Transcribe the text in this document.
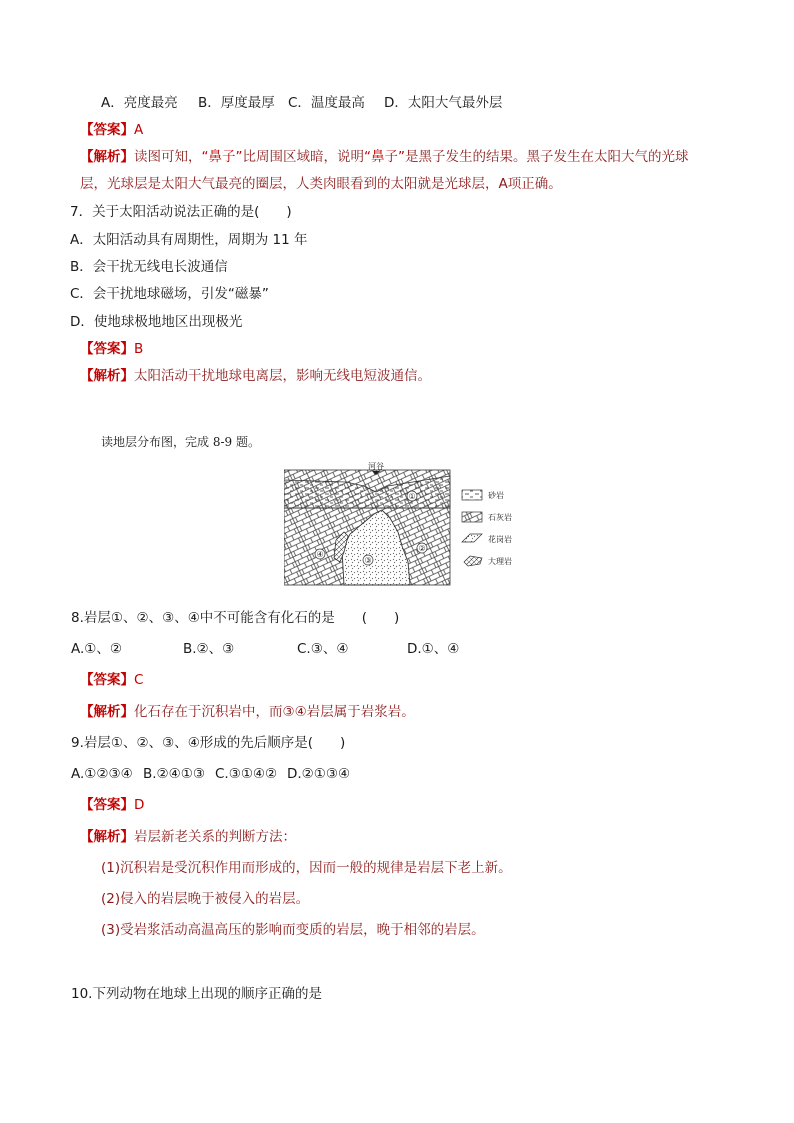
A．亮度最亮 B．厚度最厚 C．温度最高 D．太阳大气最外层
【答案】A
【解析】读图可知，“鼻子”比周围区域暗，说明“鼻子”是黑子发生的结果。黑子发生在太阳大气的光球
层，光球层是太阳大气最亮的圈层，人类肉眼看到的太阳就是光球层，A项正确。
7．关于太阳活动说法正确的是(　　)
A．太阳活动具有周期性，周期为 11 年
B．会干扰无线电长波通信
C．会干扰地球磁场，引发“磁暴”
D．使地球极地地区出现极光
【答案】B
【解析】太阳活动干扰地球电离层，影响无线电短波通信。
读地层分布图，完成 8-9 题。
河谷
①
②
③
④
砂岩
石灰岩
花岗岩
大理岩
8.岩层①、②、③、④中不可能含有化石的是　　(　　)
A.①、②	B.②、③	C.③、④	D.①、④
【答案】C
【解析】化石存在于沉积岩中，而③④岩层属于岩浆岩。
9.岩层①、②、③、④形成的先后顺序是(　　)
A.①②③④ B.②④①③ C.③①④② D.②①③④
【答案】D
【解析】岩层新老关系的判断方法：
(1)沉积岩是受沉积作用而形成的，因而一般的规律是岩层下老上新。
(2)侵入的岩层晚于被侵入的岩层。
(3)受岩浆活动高温高压的影响而变质的岩层，晚于相邻的岩层。
10.下列动物在地球上出现的顺序正确的是
